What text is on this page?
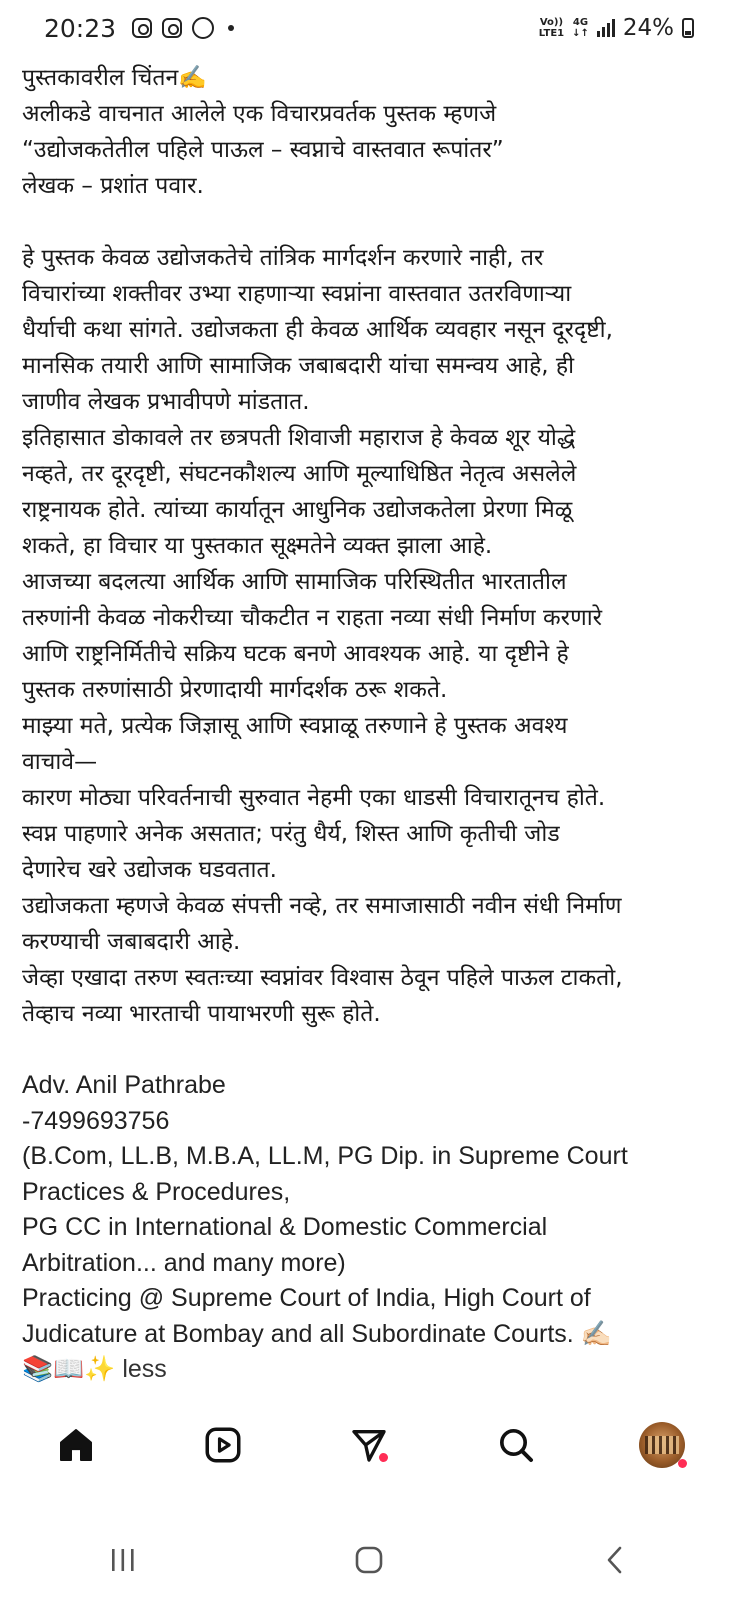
20:23	Vo))
LTE1
4G
↓↑ 24%
पुस्तकावरील चिंतन✍️
अलीकडे वाचनात आलेले एक विचारप्रवर्तक पुस्तक म्हणजे
“उद्योजकतेतील पहिले पाऊल – स्वप्नाचे वास्तवात रूपांतर”
लेखक – प्रशांत पवार.
हे पुस्तक केवळ उद्योजकतेचे तांत्रिक मार्गदर्शन करणारे नाही, तर
विचारांच्या शक्तीवर उभ्या राहणाऱ्या स्वप्नांना वास्तवात उतरविणाऱ्या
धैर्याची कथा सांगते. उद्योजकता ही केवळ आर्थिक व्यवहार नसून दूरदृष्टी,
मानसिक तयारी आणि सामाजिक जबाबदारी यांचा समन्वय आहे, ही
जाणीव लेखक प्रभावीपणे मांडतात.
इतिहासात डोकावले तर छत्रपती शिवाजी महाराज हे केवळ शूर योद्धे
नव्हते, तर दूरदृष्टी, संघटनकौशल्य आणि मूल्याधिष्ठित नेतृत्व असलेले
राष्ट्रनायक होते. त्यांच्या कार्यातून आधुनिक उद्योजकतेला प्रेरणा मिळू
शकते, हा विचार या पुस्तकात सूक्ष्मतेने व्यक्त झाला आहे.
आजच्या बदलत्या आर्थिक आणि सामाजिक परिस्थितीत भारतातील
तरुणांनी केवळ नोकरीच्या चौकटीत न राहता नव्या संधी निर्माण करणारे
आणि राष्ट्रनिर्मितीचे सक्रिय घटक बनणे आवश्यक आहे. या दृष्टीने हे
पुस्तक तरुणांसाठी प्रेरणादायी मार्गदर्शक ठरू शकते.
माझ्या मते, प्रत्येक जिज्ञासू आणि स्वप्नाळू तरुणाने हे पुस्तक अवश्य
वाचावे—
कारण मोठ्या परिवर्तनाची सुरुवात नेहमी एका धाडसी विचारातूनच होते.
स्वप्न पाहणारे अनेक असतात; परंतु धैर्य, शिस्त आणि कृतीची जोड
देणारेच खरे उद्योजक घडवतात.
उद्योजकता म्हणजे केवळ संपत्ती नव्हे, तर समाजासाठी नवीन संधी निर्माण
करण्याची जबाबदारी आहे.
जेव्हा एखादा तरुण स्वतःच्या स्वप्नांवर विश्वास ठेवून पहिले पाऊल टाकतो,
तेव्हाच नव्या भारताची पायाभरणी सुरू होते.
Adv. Anil Pathrabe
-7499693756
(B.Com, LL.B, M.B.A, LL.M, PG Dip. in Supreme Court
Practices & Procedures,
PG CC in International & Domestic Commercial
Arbitration... and many more)
Practicing @ Supreme Court of India, High Court of
Judicature at Bombay and all Subordinate Courts. ✍🏻
📚📖✨ less
